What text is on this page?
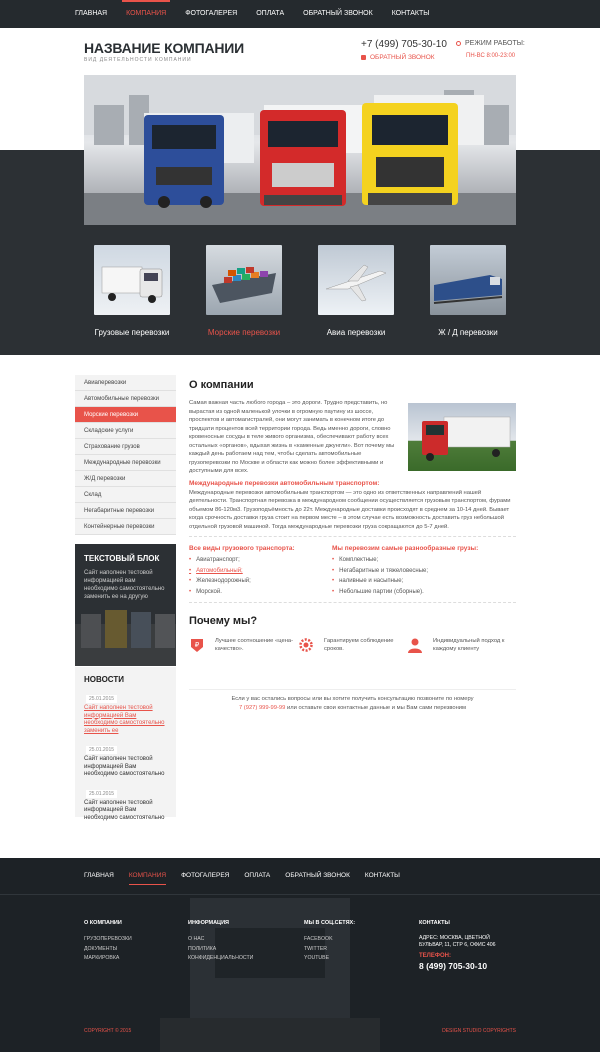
ГЛАВНАЯ	КОМПАНИЯ	ФОТОГАЛЕРЕЯ	ОПЛАТА	ОБРАТНЫЙ ЗВОНОК	КОНТАКТЫ
НАЗВАНИЕ КОМПАНИИ
ВИД ДЕЯТЕЛЬНОСТИ КОМПАНИИ
+7 (499) 705-30-10
ОБРАТНЫЙ ЗВОНОК
РЕЖИМ РАБОТЫ:
ПН-ВС 8:00-23:00
Грузовые перевозки	Морские перевозки	Авиа перевозки	Ж / Д перевозки
Авиаперевозки
Автомобильные перевозки
Морские перевозки
Складские услуги
Страхование грузов
Международные перевозки
Ж/Д перевозки
Склад
Негабаритные перевозки
Контейнерные перевозки
ТЕКСТОВЫЙ БЛОК
Сайт наполнен тестовой информацией вам необходимо самостоятельно заменить ее на другую
НОВОСТИ
25.01.2015
Сайт наполнен тестовой информацией Вам необходимо самостоятельно заменить ее
25.01.2015
Сайт наполнен тестовой информацией Вам необходимо самостоятельно
25.01.2015
Сайт наполнен тестовой информацией Вам необходимо самостоятельно
О компании
Самая важная часть любого города – это дороги. Трудно представить, но вырастая из одной маленькой улочки в огромную паутину из шоссе, проспектов и автомагистралей, они могут занимать в конечном итоге до тридцати процентов всей территории города. Ведь именно дороги, словно кровеносные сосуды в теле живого организма, обеспечивают работу всех остальных «органов», вдыхая жизнь в «каменные джунгли». Вот почему мы каждый день работаем над тем, чтобы сделать автомобильные грузоперевозки по Москве и области как можно более эффективными и доступными для всех.
Международные перевозки автомобильным транспортом:
Международные перевозки автомобильным транспортом — это одно из ответственных направлений нашей деятельности. Транспортная перевозка в международном сообщении осуществляется грузовым транспортом, фурами объемом 86-120м3. Грузоподъёмность до 22т. Международные доставки происходят в среднем за 10-14 дней. Бывает когда срочность доставки груза стоит на первом месте – в этом случае есть возможность доставить груз небольшой отдельной грузовой машиной. Тогда международные перевозки груза сокращаются до 5-7 дней.
Все виды грузового транспорта:
• Авиатранспорт;
• Автомобильный;
• Железнодорожный;
• Морской.
Мы перевозим самые разнообразные грузы:
• Комплектные;
• Негабаритные и тяжеловесные;
• наливные и насыпные;
• Небольшие партии (сборные).
Почему мы?
₽	Лучшее соотношение «цена-качество».
Гарантируем соблюдение сроков.
Индивидуальный подход к каждому клиенту
Если у вас остались вопросы или вы хотите получить консультацию позвоните по номеру
7 (927) 999-99-99 или оставьте свои контактные данные и мы Вам сами перезвоним
ГЛАВНАЯ КОМПАНИЯ ФОТОГАЛЕРЕЯ ОПЛАТА ОБРАТНЫЙ ЗВОНОК КОНТАКТЫ
О КОМПАНИИ
ГРУЗОПЕРЕВОЗКИ
ДОКУМЕНТЫ
МАРКИРОВКА
ИНФОРМАЦИЯ
О НАС
ПОЛИТИКА
КОНФИДЕНЦИАЛЬНОСТИ
МЫ В СОЦ.СЕТЯХ:
FACEBOOK
TWITTER
YOUTUBE
КОНТАКТЫ
АДРЕС: МОСКВА, ЦВЕТНОЙ
БУЛЬВАР, 11, СТР 6, ОФИС 406
ТЕЛЕФОН:
8 (499) 705-30-10
COPYRIGHT © 2015	DESIGN STUDIO COPYRIGHTS
